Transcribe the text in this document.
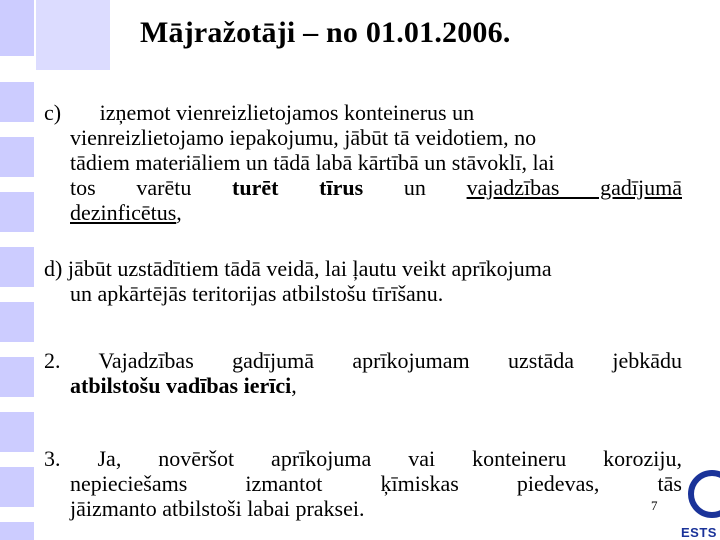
Mājražotāji – no 01.01.2006.
c)       izņemot vienreizlietojamos konteinerus un
vienreizlietojamo iepakojumu, jābūt tā veidotiem, no
tādiem materiāliem un tādā labā kārtībā un stāvoklī, lai
tos varētu turēt tīrus un vajadzības gadījumā
dezinficētus,
d) jābūt uzstādītiem tādā veidā, lai ļautu veikt aprīkojuma
un apkārtējās teritorijas atbilstošu tīrīšanu.
2. Vajadzības gadījumā aprīkojumam uzstāda jebkādu
atbilstošu vadības ierīci,
3. Ja, novēršot aprīkojuma vai konteineru koroziju,
nepieciešams izmantot ķīmiskas piedevas, tās
jāizmanto atbilstoši labai praksei.	7
ESTS
